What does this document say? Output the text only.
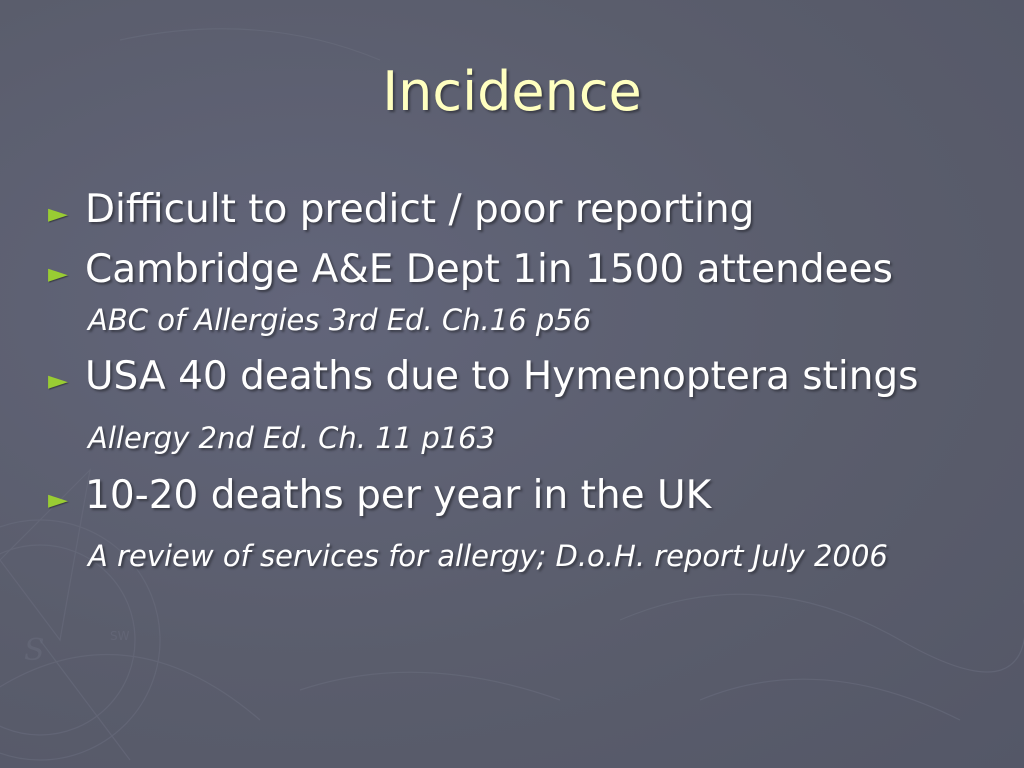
S	SW
Incidence
► Difficult to predict / poor reporting
► Cambridge A&E Dept 1in 1500 attendees
ABC of Allergies 3rd Ed. Ch.16 p56
► USA 40 deaths due to Hymenoptera stings
Allergy 2nd Ed. Ch. 11 p163
► 10-20 deaths per year in the UK
A review of services for allergy; D.o.H. report July 2006
